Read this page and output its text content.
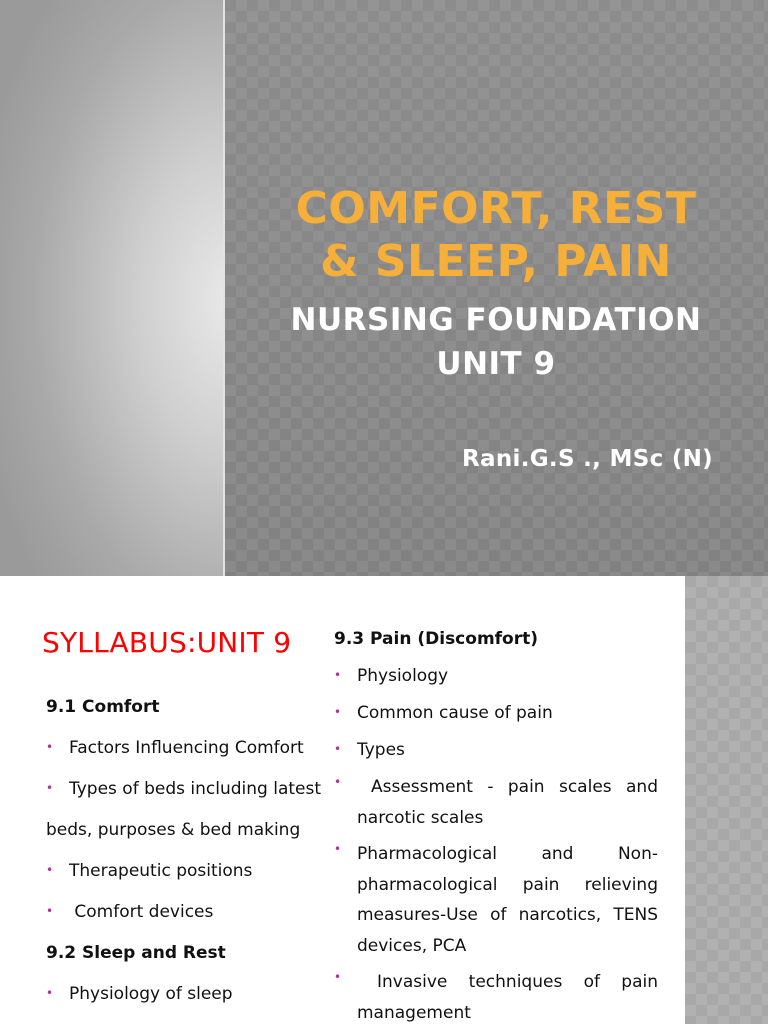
COMFORT, REST
& SLEEP, PAIN
NURSING FOUNDATION
UNIT 9
Rani.G.S ., MSc (N)
SYLLABUS:UNIT 9
9.1 Comfort
• Factors Influencing Comfort
• Types of beds including latest
beds, purposes & bed making
• Therapeutic positions
• Comfort devices
9.2 Sleep and Rest
• Physiology of sleep
9.3 Pain (Discomfort)
• Physiology
• Common cause of pain
• Types
•	Assessment - pain scales and narcotic scales
• Pharmacological and Non-pharmacological pain relieving measures-Use of narcotics, TENS devices, PCA
•	Invasive techniques of pain management
